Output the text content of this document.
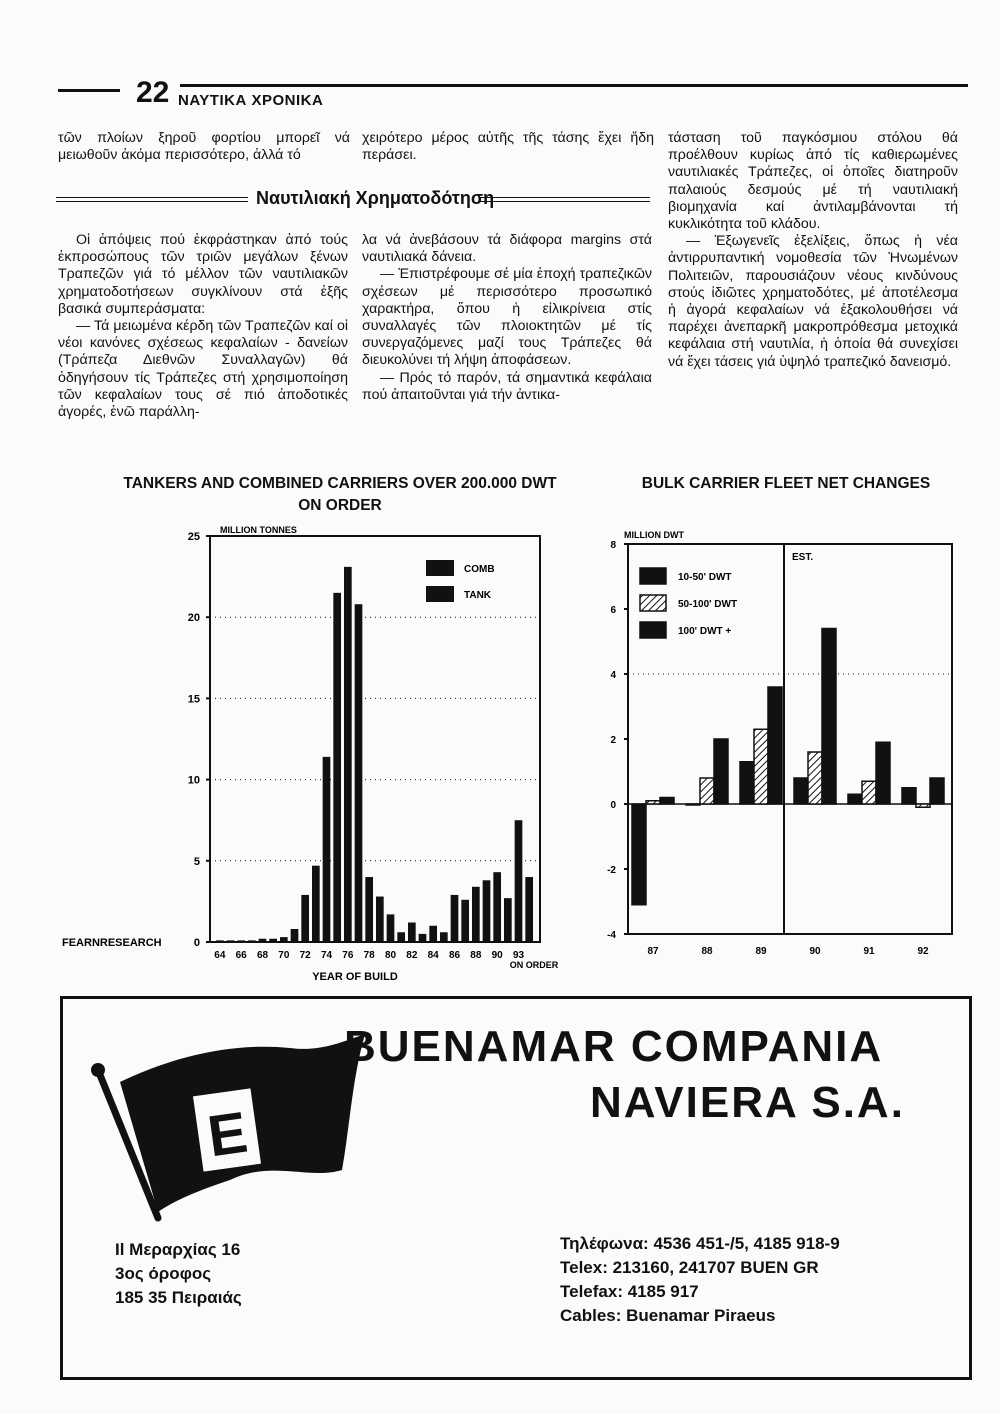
22 ΝΑΥΤΙΚΑ ΧΡΟΝΙΚΑ
τῶν πλοίων ξηροῦ φορτίου μπορεῖ νά μειωθοῦν ἀκόμα περισσότερο, ἀλλά τό
χειρότερο μέρος αὐτῆς τῆς τάσης ἔχει ἤδη περάσει.
Ναυτιλιακή Χρηματοδότηση

Οἱ ἀπόψεις πού ἐκφράστηκαν ἀπό τούς ἐκπροσώπους τῶν τριῶν μεγάλων ξένων Τραπεζῶν γιά τό μέλλον τῶν ναυτιλιακῶν χρηματοδοτήσεων συγκλίνουν στά ἑξῆς βασικά συμπεράσματα:

— Τά μειωμένα κέρδη τῶν Τραπεζῶν καί οἱ νέοι κανόνες σχέσεως κεφαλαίων - δανείων (Τράπεζα Διεθνῶν Συναλλαγῶν) θά ὁδηγήσουν τίς Τράπεζες στή χρησιμοποίηση τῶν κεφαλαίων τους σέ πιό ἀποδοτικές ἀγορές, ἐνῶ παράλλη-

λα νά ἀνεβάσουν τά διάφορα margins στά ναυτιλιακά δάνεια.

— Ἐπιστρέφουμε σέ μία ἐποχή τραπεζικῶν σχέσεων μέ περισσότερο προσωπικό χαρακτήρα, ὅπου ἡ εἰλικρίνεια στίς συναλλαγές τῶν πλοιοκτητῶν μέ τίς συνεργαζόμενες μαζί τους Τράπεζες θά διευκολύνει τή λήψη ἀποφάσεων.

— Πρός τό παρόν, τά σημαντικά κεφάλαια πού ἀπαιτοῦνται γιά τήν ἀντικα-

τάσταση τοῦ παγκόσμιου στόλου θά προέλθουν κυρίως ἀπό τίς καθιερωμένες ναυτιλιακές Τράπεζες, οἱ ὁποῖες διατηροῦν παλαιούς δεσμούς μέ τή ναυτιλιακή βιομηχανία καί ἀντιλαμβάνονται τή κυκλικότητα τοῦ κλάδου.

— Ἐξωγενεῖς ἐξελίξεις, ὅπως ἡ νέα ἀντιρρυπαντική νομοθεσία τῶν Ἡνωμένων Πολιτειῶν, παρουσιάζουν νέους κινδύνους στούς ἰδιῶτες χρηματοδότες, μέ ἀποτέλεσμα ἡ ἀγορά κεφαλαίων νά ἐξακολουθήσει νά παρέχει ἀνεπαρκῆ μακροπρόθεσμα μετοχικά κεφάλαια στή ναυτιλία, ἡ ὁποία θά συνεχίσει νά ἔχει τάσεις γιά ὑψηλό τραπεζικό δανεισμό.

TANKERS AND COMBINED CARRIERS OVER 200.000 DWT
ON ORDER
BULK CARRIER FLEET NET CHANGES
0
5
10
15
20
25
MILLION TONNES
64 66 68 70 72 74 76 78 80 82 84 86 88 90 93
ON ORDER
YEAR OF BUILD
FEARNRESEARCH
COMB
TANK
MILLION DWT
-4
-2
0
2
4
6
8
EST.
87	88	89	90	91	92
10-50' DWT
50-100' DWT
100' DWT +
E
BUENAMAR COMPANIA
NAVIERA S.A.
Il Μεραρχίας 16
3ος όροφος
185 35 Πειραιάς
Τηλέφωνα: 4536 451-/5, 4185 918-9
Telex: 213160, 241707 BUEN GR
Telefax: 4185 917
Cables: Buenamar Piraeus
